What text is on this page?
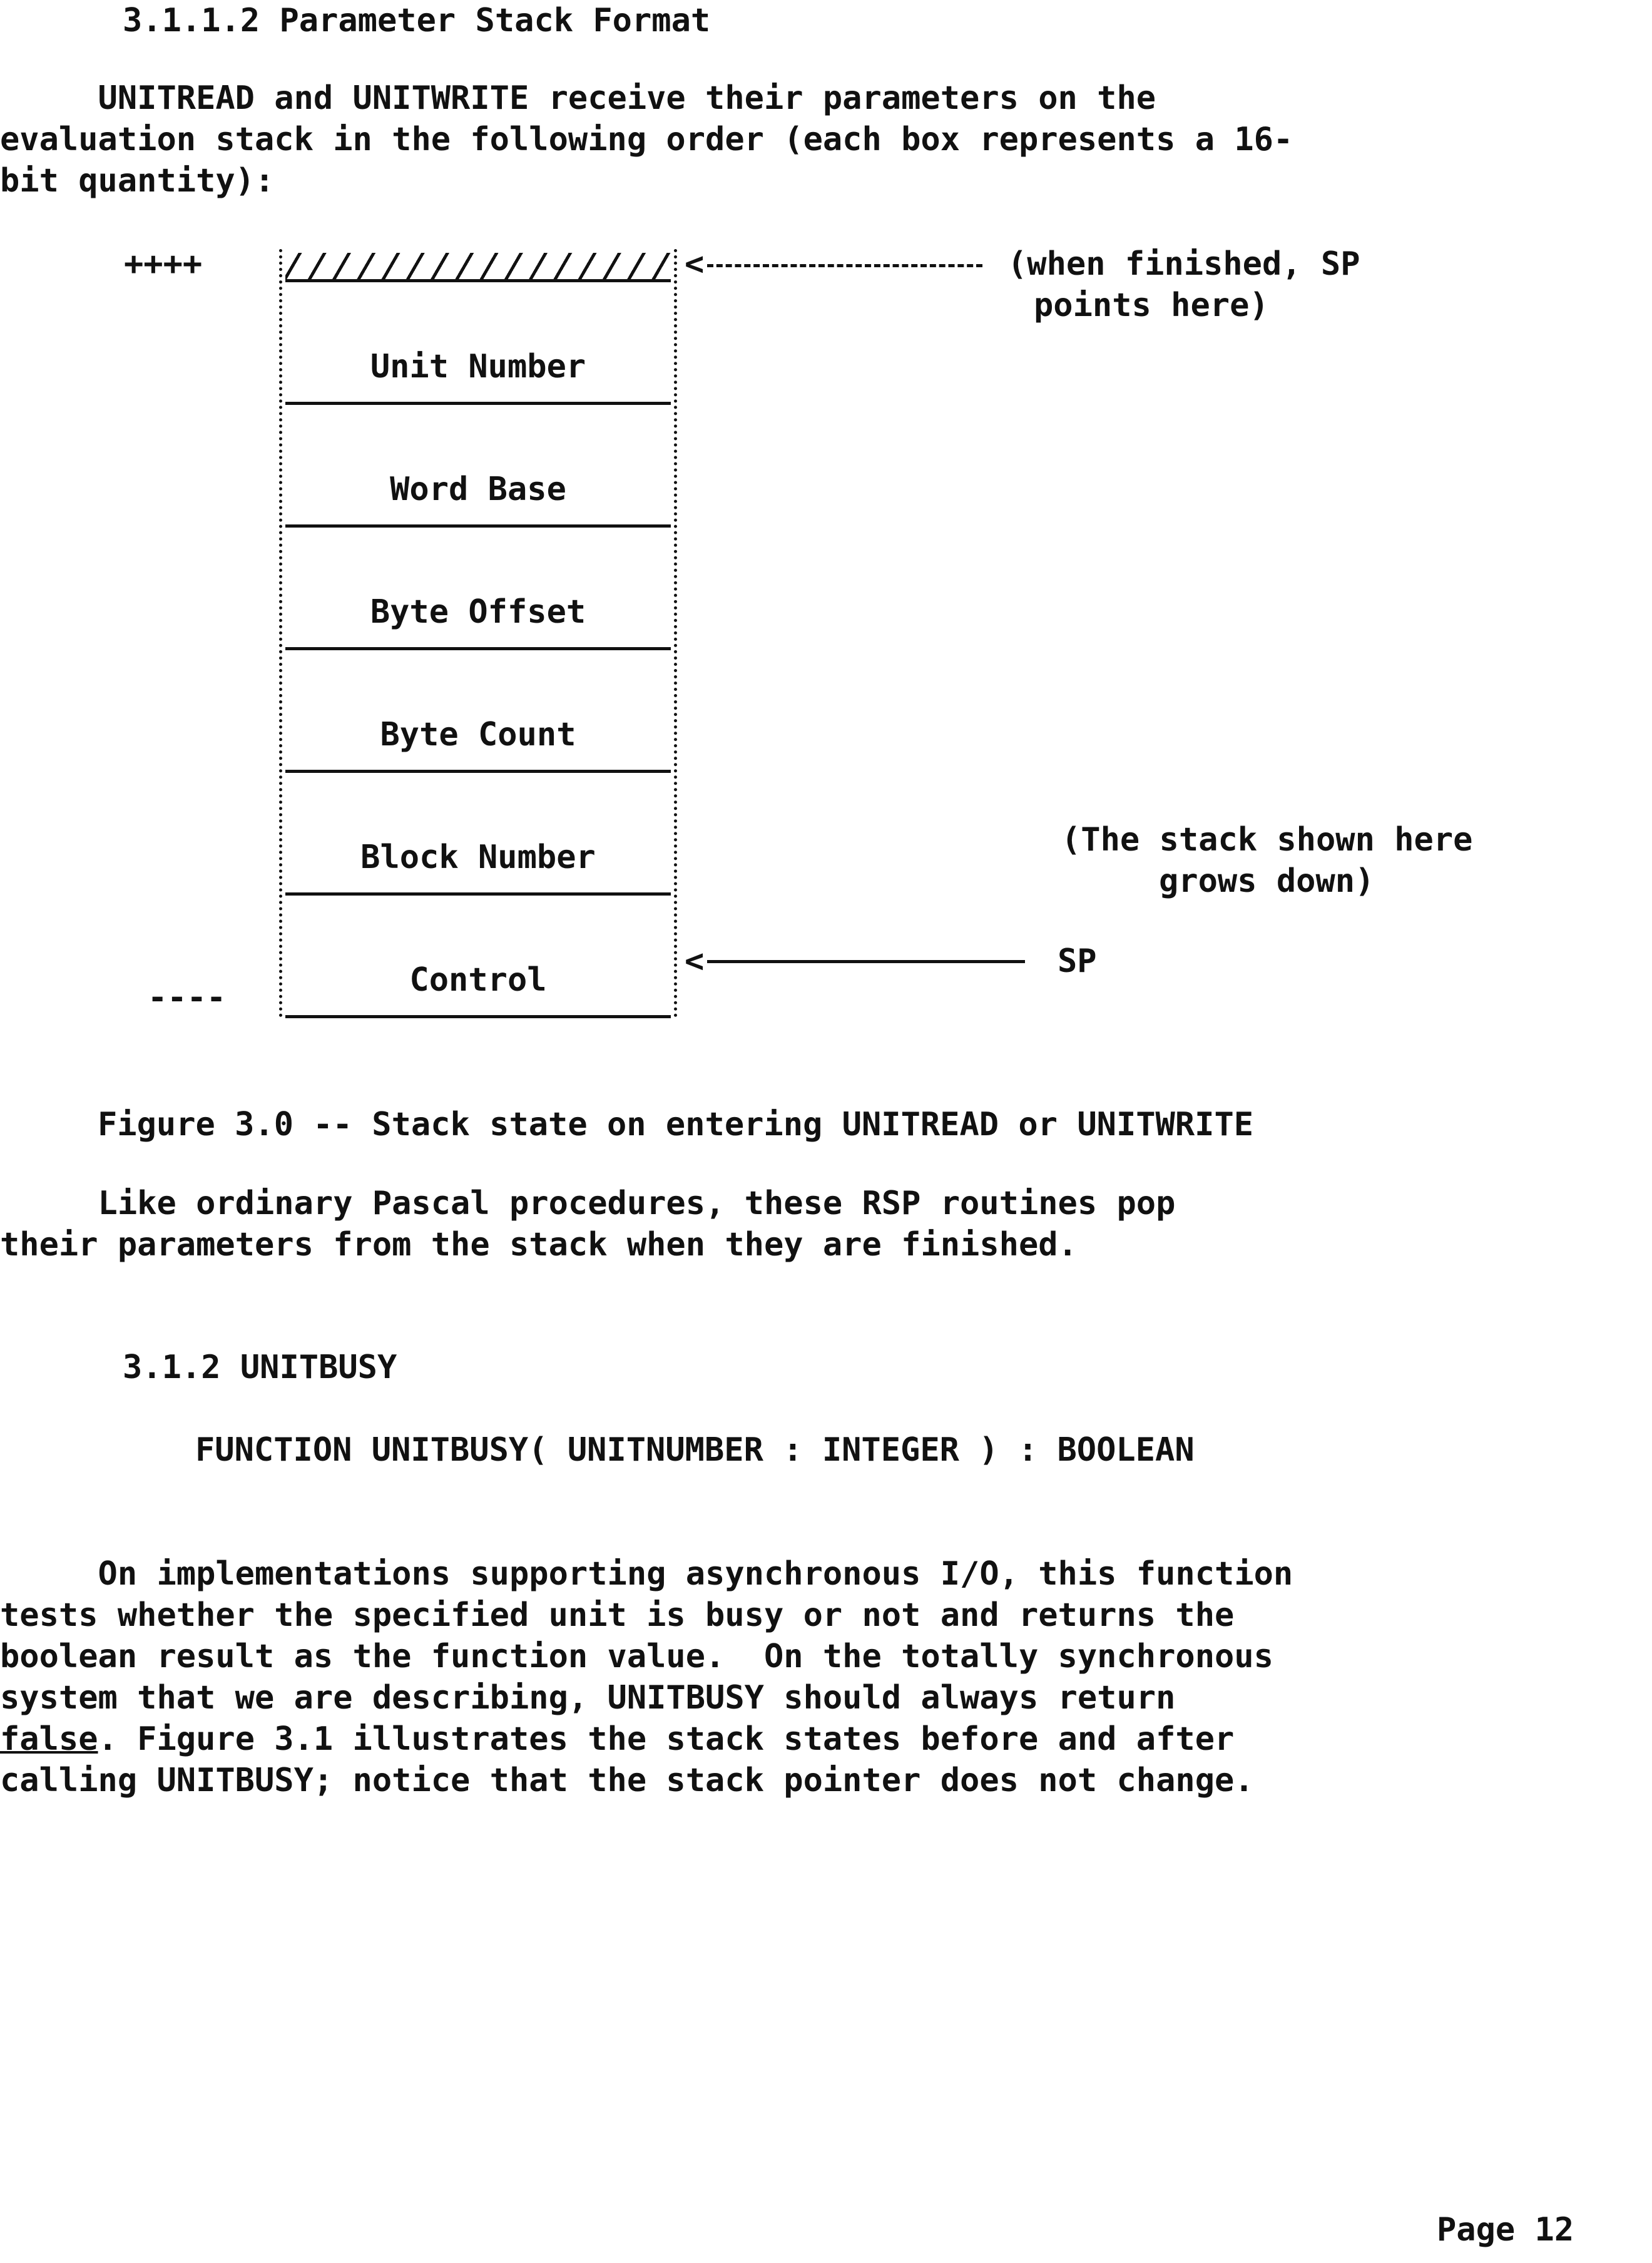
3.1.1.2 Parameter Stack Format
UNITREAD and UNITWRITE receive their parameters on the
evaluation stack in the following order (each box represents a 16-
bit quantity):
++++
----
Unit Number
Word Base
Byte Offset
Byte Count
Block Number
Control
<	(when finished, SP
points here)
(The stack shown here
grows down)
<	SP
Figure 3.0 -- Stack state on entering UNITREAD or UNITWRITE
Like ordinary Pascal procedures, these RSP routines pop
their parameters from the stack when they are finished.
3.1.2 UNITBUSY
FUNCTION UNITBUSY( UNITNUMBER : INTEGER ) : BOOLEAN
On implementations supporting asynchronous I/O, this function
tests whether the specified unit is busy or not and returns the
boolean result as the function value.  On the totally synchronous
system that we are describing, UNITBUSY should always return
false. Figure 3.1 illustrates the stack states before and after
calling UNITBUSY; notice that the stack pointer does not change.
Page 12
